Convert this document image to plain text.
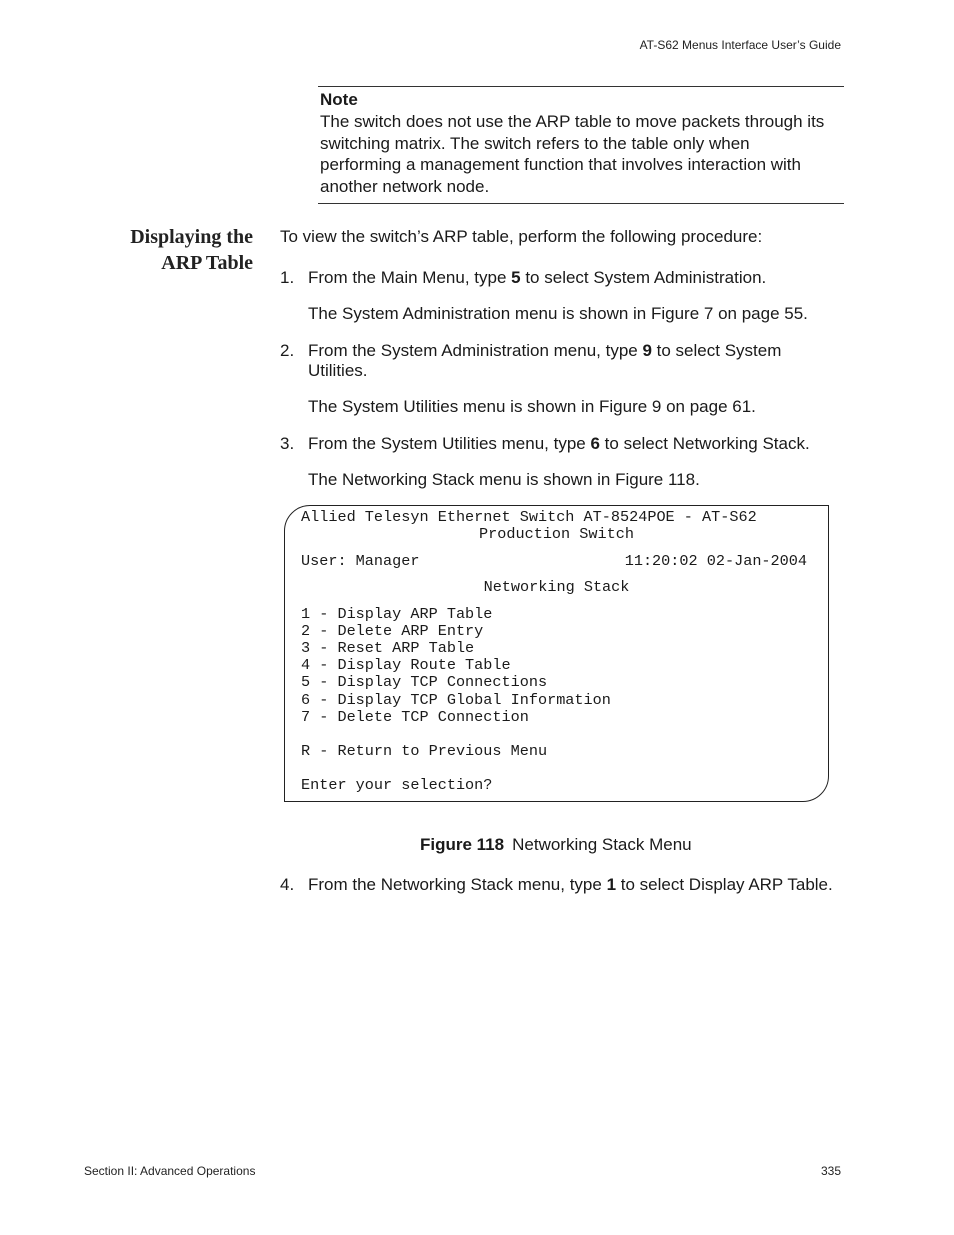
AT-S62 Menus Interface User’s Guide
Note
The switch does not use the ARP table to move packets through its
switching matrix. The switch refers to the table only when
performing a management function that involves interaction with
another network node.
Displaying the
ARP Table
To view the switch’s ARP table, perform the following procedure:
1. From the Main Menu, type 5 to select System Administration.
The System Administration menu is shown in Figure 7 on page 55.
2. From the System Administration menu, type 9 to select System Utilities.
The System Utilities menu is shown in Figure 9 on page 61.
3. From the System Utilities menu, type 6 to select Networking Stack.
The Networking Stack menu is shown in Figure 118.
Allied Telesyn Ethernet Switch AT-8524POE - AT-S62
Production Switch
User: Manager	11:20:02 02-Jan-2004
Networking Stack
1 - Display ARP Table
2 - Delete ARP Entry
3 - Reset ARP Table
4 - Display Route Table
5 - Display TCP Connections
6 - Display TCP Global Information
7 - Delete TCP Connection
R - Return to Previous Menu
Enter your selection?
Figure 118 Networking Stack Menu
4. From the Networking Stack menu, type 1 to select Display ARP Table.
Section II: Advanced Operations	335
